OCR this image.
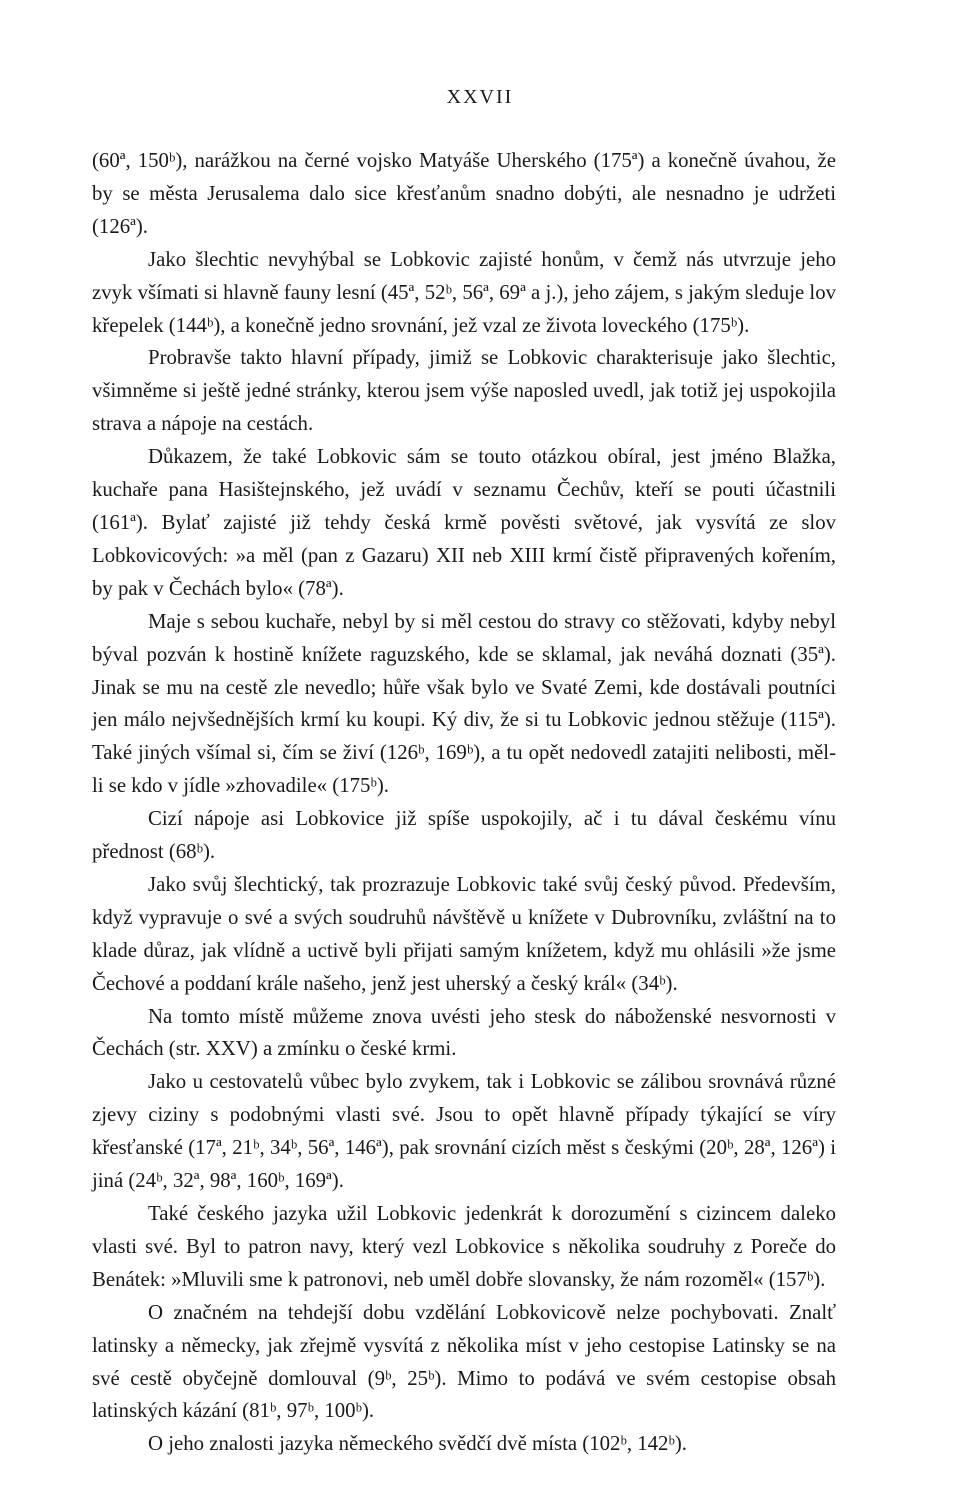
XXVII

(60ª, 150ᵇ), narážkou na černé vojsko Matyáše Uherského (175ª) a konečně úvahou, že by se města Jerusalema dalo sice křesťanům snadno dobýti, ale nesnadno je udržeti (126ª).

Jako šlechtic nevyhýbal se Lobkovic zajisté honům, v čemž nás utvrzuje jeho zvyk všímati si hlavně fauny lesní (45ª, 52ᵇ, 56ª, 69ª a j.), jeho zájem, s jakým sleduje lov křepelek (144ᵇ), a konečně jedno srovnání, jež vzal ze života loveckého (175ᵇ).

Probravše takto hlavní případy, jimiž se Lobkovic charakterisuje jako šlechtic, všimněme si ještě jedné stránky, kterou jsem výše naposled uvedl, jak totiž jej uspokojila strava a nápoje na cestách.

Důkazem, že také Lobkovic sám se touto otázkou obíral, jest jméno Blažka, kuchaře pana Hasištejnského, jež uvádí v seznamu Čechův, kteří se pouti účastnili (161ª). Bylať zajisté již tehdy česká krmě pověsti světové, jak vysvítá ze slov Lobkovicových: »a měl (pan z Gazaru) XII neb XIII krmí čistě připravených kořením, by pak v Čechách bylo« (78ª).

Maje s sebou kuchaře, nebyl by si měl cestou do stravy co stěžovati, kdyby nebyl býval pozván k hostině knížete raguzského, kde se sklamal, jak neváhá doznati (35ª). Jinak se mu na cestě zle nevedlo; hůře však bylo ve Svaté Zemi, kde dostávali poutníci jen málo nejvšednějších krmí ku koupi. Ký div, že si tu Lobkovic jednou stěžuje (115ª). Také jiných všímal si, čím se živí (126ᵇ, 169ᵇ), a tu opět nedovedl zatajiti nelibosti, měl-li se kdo v jídle »zhovadile« (175ᵇ).

Cizí nápoje asi Lobkovice již spíše uspokojily, ač i tu dával českému vínu přednost (68ᵇ).

Jako svůj šlechtický, tak prozrazuje Lobkovic také svůj český původ. Především, když vypravuje o své a svých soudruhů návštěvě u knížete v Dubrovníku, zvláštní na to klade důraz, jak vlídně a uctivě byli přijati samým knížetem, když mu ohlásili »že jsme Čechové a poddaní krále našeho, jenž jest uherský a český král« (34ᵇ).

Na tomto místě můžeme znova uvésti jeho stesk do náboženské nesvornosti v Čechách (str. XXV) a zmínku o české krmi.

Jako u cestovatelů vůbec bylo zvykem, tak i Lobkovic se zálibou srovnává různé zjevy ciziny s podobnými vlasti své. Jsou to opět hlavně případy týkající se víry křesťanské (17ª, 21ᵇ, 34ᵇ, 56ª, 146ª), pak srovnání cizích měst s českými (20ᵇ, 28ª, 126ª) i jiná (24ᵇ, 32ª, 98ª, 160ᵇ, 169ª).

Také českého jazyka užil Lobkovic jedenkrát k dorozumění s cizincem daleko vlasti své. Byl to patron navy, který vezl Lobkovice s několika soudruhy z Poreče do Benátek: »Mluvili sme k patronovi, neb uměl dobře slovansky, že nám rozoměl« (157ᵇ).

O značném na tehdejší dobu vzdělání Lobkovicově nelze pochybovati. Znalť latinsky a německy, jak zřejmě vysvítá z několika míst v jeho cestopise Latinsky se na své cestě obyčejně domlouval (9ᵇ, 25ᵇ). Mimo to podává ve svém cestopise obsah latinských kázání (81ᵇ, 97ᵇ, 100ᵇ).

O jeho znalosti jazyka německého svědčí dvě místa (102ᵇ, 142ᵇ).
